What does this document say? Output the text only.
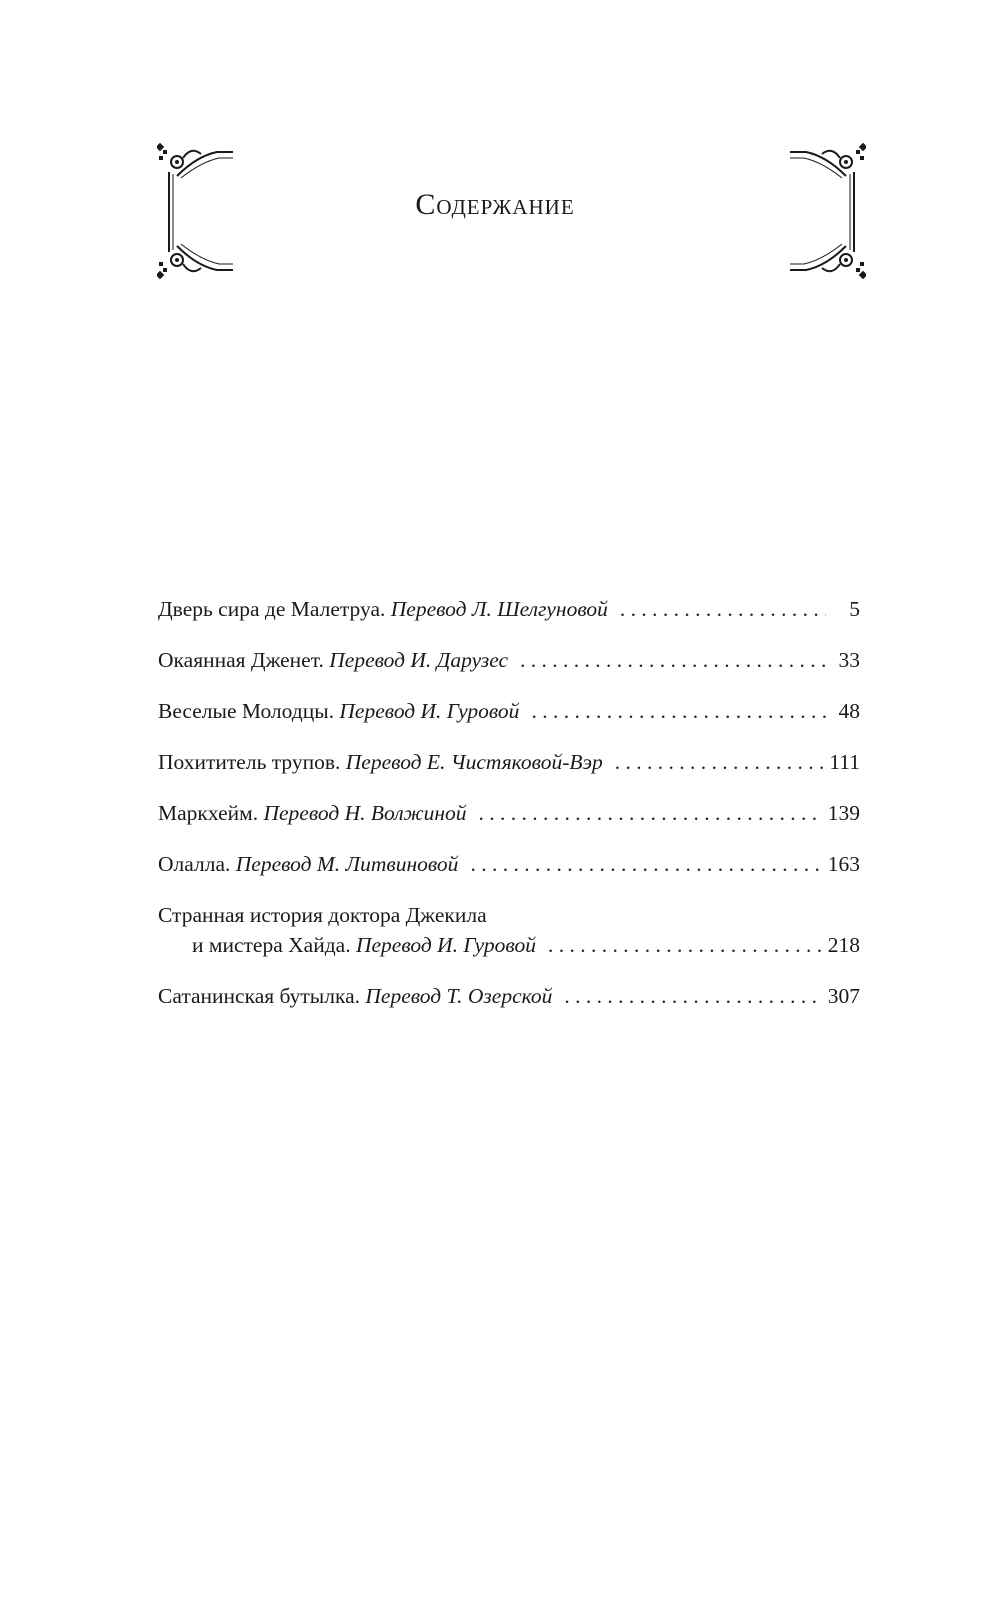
Содержание
Дверь сира де Малетруа. Перевод Л. Шелгуновой . . .	5
Окаянная Дженет. Перевод И. Дарузес . . .	33
Веселые Молодцы. Перевод И. Гуровой . . .	48
Похититель трупов. Перевод Е. Чистяковой-Вэр . . .	111
Маркхейм. Перевод Н. Волжиной . . .	139
Олалла. Перевод М. Литвиновой . . .	163
Странная история доктора Джекила
и мистера Хайда. Перевод И. Гуровой . . .	218
Сатанинская бутылка. Перевод Т. Озерской . . .	307
